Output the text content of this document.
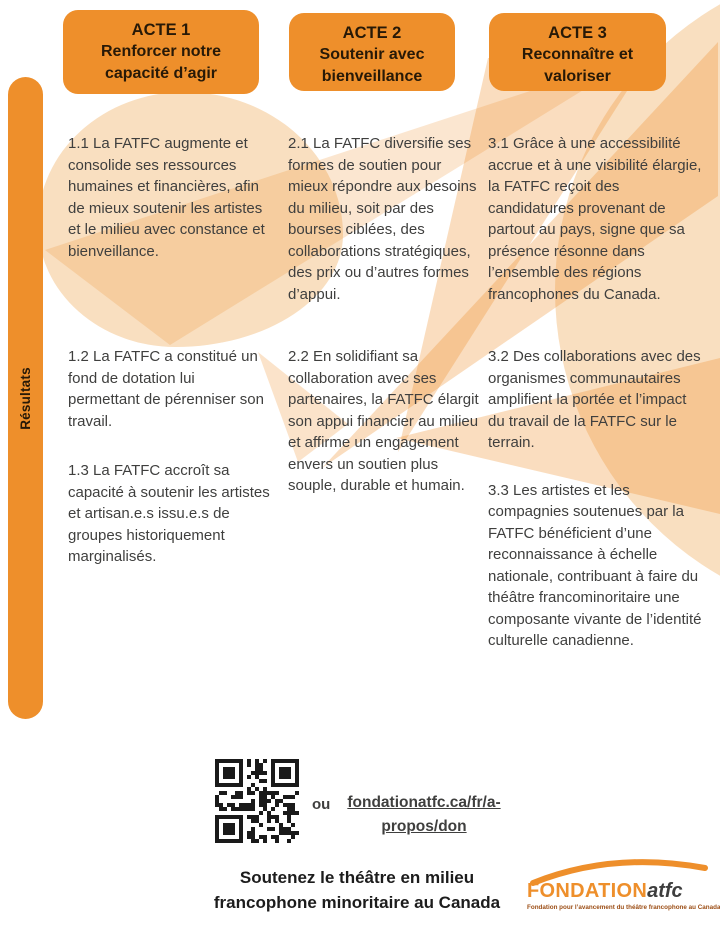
Résultats
ACTE 1
Renforcer notre capacité d’agir
ACTE 2
Soutenir avec bienveillance
ACTE 3
Reconnaître et valoriser

1.1 La FATFC augmente et consolide ses ressources humaines et financières, afin de mieux soutenir les artistes et le milieu avec constance et bienveillance.

1.2 La FATFC a constitué un fond de dotation lui permettant de pérenniser son travail.

1.3 La FATFC accroît sa capacité à soutenir les artistes et artisan.e.s issu.e.s de groupes historiquement marginalisés.

2.1 La FATFC diversifie ses formes de soutien pour mieux répondre aux besoins du milieu, soit par des bourses ciblées, des collaborations stratégiques, des prix ou d’autres formes d’appui.

2.2 En solidifiant sa collaboration avec ses partenaires, la FATFC élargit son appui financier au milieu et affirme un engagement envers un soutien plus souple, durable et humain.

3.1 Grâce à une accessibilité accrue et à une visibilité élargie, la FATFC reçoit des candidatures provenant de partout au pays, signe que sa présence résonne dans l’ensemble des régions francophones du Canada.

3.2 Des collaborations avec des organismes communautaires amplifient la portée et l’impact du travail de la FATFC sur le terrain.

3.3 Les artistes et les compagnies soutenues par la FATFC bénéficient d’une reconnaissance à échelle nationale, contribuant à faire du théâtre francominoritaire une composante vivante de l’identité culturelle canadienne.

ou	fondationatfc.ca/fr/a-
propos/don
Soutenez le théâtre en milieu
francophone minoritaire au Canada	FONDATIONatfc
Fondation pour l’avancement du théâtre francophone au Canada
